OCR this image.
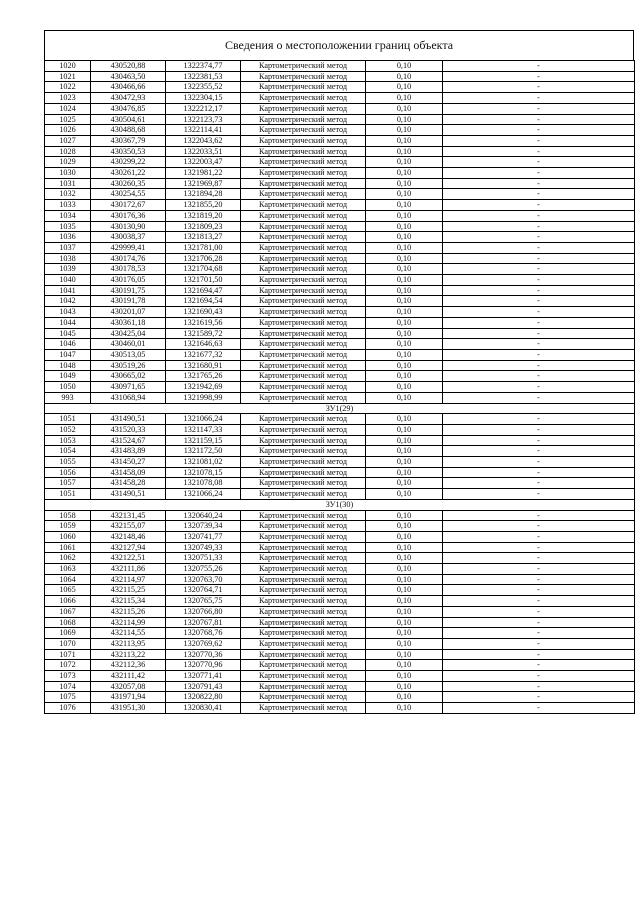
Сведения о местоположении границ объекта
1020	430520,88	1322374,77	Картометрический метод	0,10	-
1021	430463,50	1322381,53	Картометрический метод	0,10	-
1022	430466,66	1322355,52	Картометрический метод	0,10	-
1023	430472,93	1322304,15	Картометрический метод	0,10	-
1024	430476,85	1322212,17	Картометрический метод	0,10	-
1025	430504,61	1322123,73	Картометрический метод	0,10	-
1026	430488,68	1322114,41	Картометрический метод	0,10	-
1027	430367,79	1322043,62	Картометрический метод	0,10	-
1028	430350,53	1322033,51	Картометрический метод	0,10	-
1029	430299,22	1322003,47	Картометрический метод	0,10	-
1030	430261,22	1321981,22	Картометрический метод	0,10	-
1031	430260,35	1321969,87	Картометрический метод	0,10	-
1032	430254,55	1321894,28	Картометрический метод	0,10	-
1033	430172,67	1321855,20	Картометрический метод	0,10	-
1034	430176,36	1321819,20	Картометрический метод	0,10	-
1035	430130,90	1321809,23	Картометрический метод	0,10	-
1036	430038,37	1321813,27	Картометрический метод	0,10	-
1037	429999,41	1321781,00	Картометрический метод	0,10	-
1038	430174,76	1321706,28	Картометрический метод	0,10	-
1039	430178,53	1321704,68	Картометрический метод	0,10	-
1040	430176,05	1321701,50	Картометрический метод	0,10	-
1041	430191,75	1321694,47	Картометрический метод	0,10	-
1042	430191,78	1321694,54	Картометрический метод	0,10	-
1043	430201,07	1321690,43	Картометрический метод	0,10	-
1044	430361,18	1321619,56	Картометрический метод	0,10	-
1045	430425,04	1321589,72	Картометрический метод	0,10	-
1046	430460,01	1321646,63	Картометрический метод	0,10	-
1047	430513,05	1321677,32	Картометрический метод	0,10	-
1048	430519,26	1321680,91	Картометрический метод	0,10	-
1049	430665,02	1321765,26	Картометрический метод	0,10	-
1050	430971,65	1321942,69	Картометрический метод	0,10	-
993	431068,94	1321998,99	Картометрический метод	0,10	-
ЗУ1(29)					
1051	431490,51	1321066,24	Картометрический метод	0,10	-
1052	431520,33	1321147,33	Картометрический метод	0,10	-
1053	431524,67	1321159,15	Картометрический метод	0,10	-
1054	431483,89	1321172,50	Картометрический метод	0,10	-
1055	431450,27	1321081,02	Картометрический метод	0,10	-
1056	431458,09	1321078,15	Картометрический метод	0,10	-
1057	431458,28	1321078,08	Картометрический метод	0,10	-
1051	431490,51	1321066,24	Картометрический метод	0,10	-
ЗУ1(30)					
1058	432131,45	1320640,24	Картометрический метод	0,10	-
1059	432155,07	1320739,34	Картометрический метод	0,10	-
1060	432148,46	1320741,77	Картометрический метод	0,10	-
1061	432127,94	1320749,33	Картометрический метод	0,10	-
1062	432122,51	1320751,33	Картометрический метод	0,10	-
1063	432111,86	1320755,26	Картометрический метод	0,10	-
1064	432114,97	1320763,70	Картометрический метод	0,10	-
1065	432115,25	1320764,71	Картометрический метод	0,10	-
1066	432115,34	1320765,75	Картометрический метод	0,10	-
1067	432115,26	1320766,80	Картометрический метод	0,10	-
1068	432114,99	1320767,81	Картометрический метод	0,10	-
1069	432114,55	1320768,76	Картометрический метод	0,10	-
1070	432113,95	1320769,62	Картометрический метод	0,10	-
1071	432113,22	1320770,36	Картометрический метод	0,10	-
1072	432112,36	1320770,96	Картометрический метод	0,10	-
1073	432111,42	1320771,41	Картометрический метод	0,10	-
1074	432057,08	1320791,43	Картометрический метод	0,10	-
1075	431971,94	1320822,80	Картометрический метод	0,10	-
1076	431951,30	1320830,41	Картометрический метод	0,10	-
